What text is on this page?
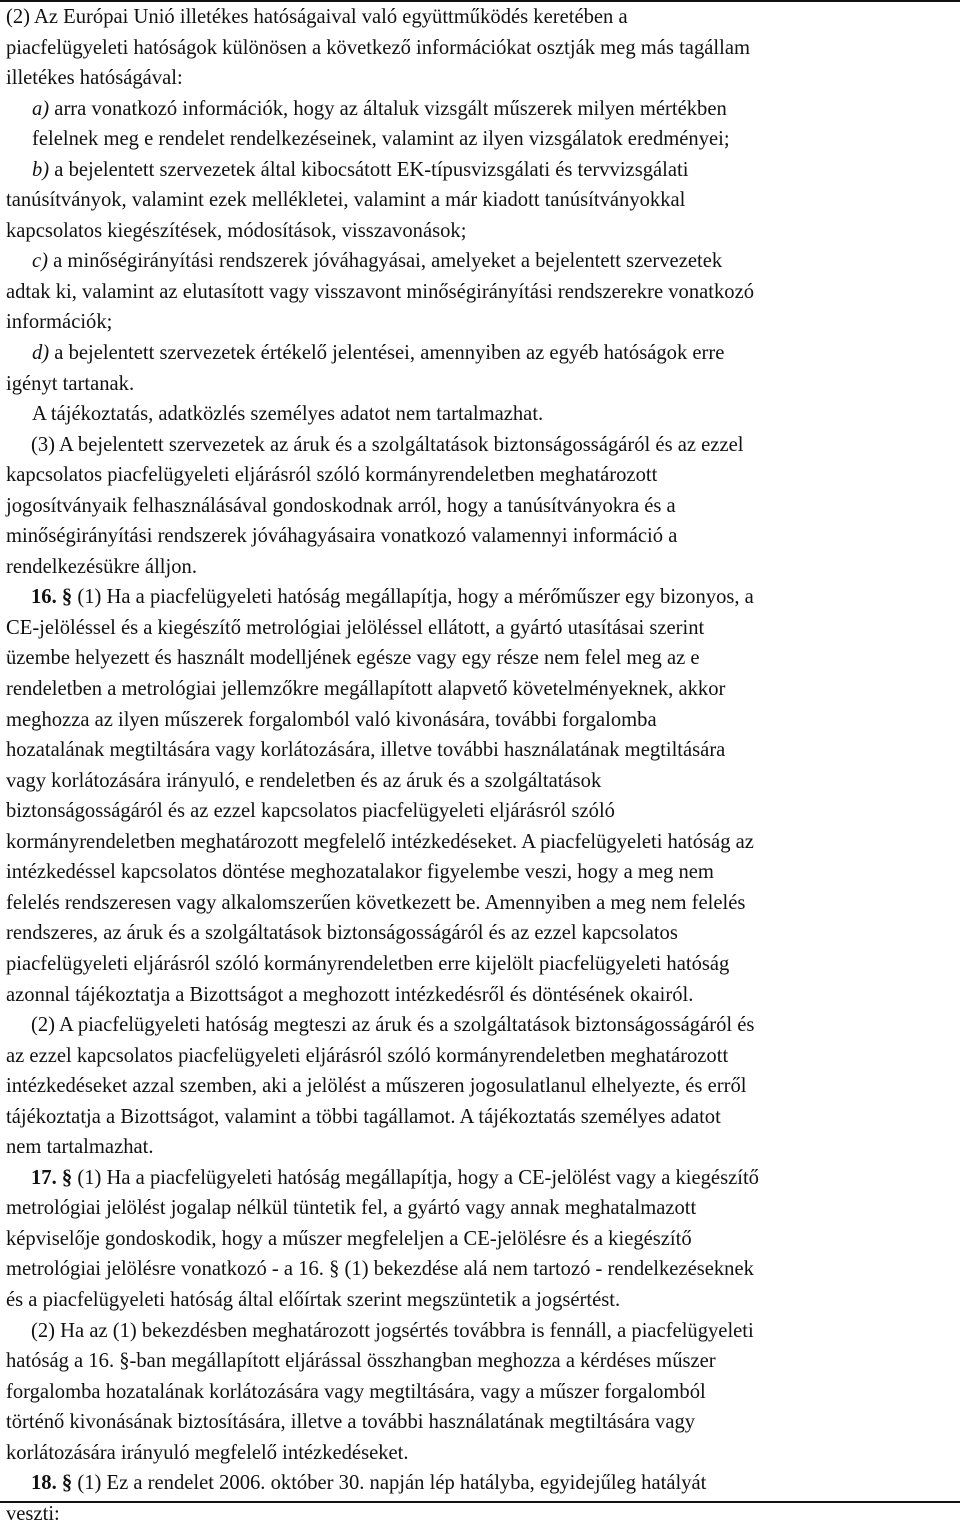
(2) Az Európai Unió illetékes hatóságaival való együttműködés keretében a
piacfelügyeleti hatóságok különösen a következő információkat osztják meg más tagállam
illetékes hatóságával:
a) arra vonatkozó információk, hogy az általuk vizsgált műszerek milyen mértékben
felelnek meg e rendelet rendelkezéseinek, valamint az ilyen vizsgálatok eredményei;
b) a bejelentett szervezetek által kibocsátott EK-típusvizsgálati és tervvizsgálati
tanúsítványok, valamint ezek mellékletei, valamint a már kiadott tanúsítványokkal
kapcsolatos kiegészítések, módosítások, visszavonások;
c) a minőségirányítási rendszerek jóváhagyásai, amelyeket a bejelentett szervezetek
adtak ki, valamint az elutasított vagy visszavont minőségirányítási rendszerekre vonatkozó
információk;
d) a bejelentett szervezetek értékelő jelentései, amennyiben az egyéb hatóságok erre
igényt tartanak.
A tájékoztatás, adatközlés személyes adatot nem tartalmazhat.
(3) A bejelentett szervezetek az áruk és a szolgáltatások biztonságosságáról és az ezzel
kapcsolatos piacfelügyeleti eljárásról szóló kormányrendeletben meghatározott
jogosítványaik felhasználásával gondoskodnak arról, hogy a tanúsítványokra és a
minőségirányítási rendszerek jóváhagyásaira vonatkozó valamennyi információ a
rendelkezésükre álljon.
16. § (1) Ha a piacfelügyeleti hatóság megállapítja, hogy a mérőműszer egy bizonyos, a
CE-jelöléssel és a kiegészítő metrológiai jelöléssel ellátott, a gyártó utasításai szerint
üzembe helyezett és használt modelljének egésze vagy egy része nem felel meg az e
rendeletben a metrológiai jellemzőkre megállapított alapvető követelményeknek, akkor
meghozza az ilyen műszerek forgalomból való kivonására, további forgalomba
hozatalának megtiltására vagy korlátozására, illetve további használatának megtiltására
vagy korlátozására irányuló, e rendeletben és az áruk és a szolgáltatások
biztonságosságáról és az ezzel kapcsolatos piacfelügyeleti eljárásról szóló
kormányrendeletben meghatározott megfelelő intézkedéseket. A piacfelügyeleti hatóság az
intézkedéssel kapcsolatos döntése meghozatalakor figyelembe veszi, hogy a meg nem
felelés rendszeresen vagy alkalomszerűen következett be. Amennyiben a meg nem felelés
rendszeres, az áruk és a szolgáltatások biztonságosságáról és az ezzel kapcsolatos
piacfelügyeleti eljárásról szóló kormányrendeletben erre kijelölt piacfelügyeleti hatóság
azonnal tájékoztatja a Bizottságot a meghozott intézkedésről és döntésének okairól.
(2) A piacfelügyeleti hatóság megteszi az áruk és a szolgáltatások biztonságosságáról és
az ezzel kapcsolatos piacfelügyeleti eljárásról szóló kormányrendeletben meghatározott
intézkedéseket azzal szemben, aki a jelölést a műszeren jogosulatlanul elhelyezte, és erről
tájékoztatja a Bizottságot, valamint a többi tagállamot. A tájékoztatás személyes adatot
nem tartalmazhat.
17. § (1) Ha a piacfelügyeleti hatóság megállapítja, hogy a CE-jelölést vagy a kiegészítő
metrológiai jelölést jogalap nélkül tüntetik fel, a gyártó vagy annak meghatalmazott
képviselője gondoskodik, hogy a műszer megfeleljen a CE-jelölésre és a kiegészítő
metrológiai jelölésre vonatkozó - a 16. § (1) bekezdése alá nem tartozó - rendelkezéseknek
és a piacfelügyeleti hatóság által előírtak szerint megszüntetik a jogsértést.
(2) Ha az (1) bekezdésben meghatározott jogsértés továbbra is fennáll, a piacfelügyeleti
hatóság a 16. §-ban megállapított eljárással összhangban meghozza a kérdéses műszer
forgalomba hozatalának korlátozására vagy megtiltására, vagy a műszer forgalomból
történő kivonásának biztosítására, illetve a további használatának megtiltására vagy
korlátozására irányuló megfelelő intézkedéseket.
18. § (1) Ez a rendelet 2006. október 30. napján lép hatályba, egyidejűleg hatályát
veszti:
